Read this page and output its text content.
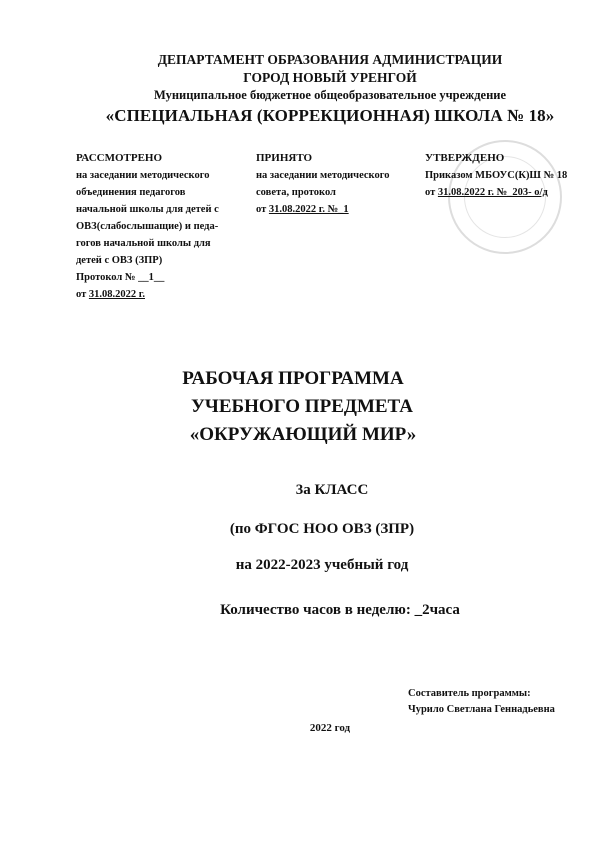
ДЕПАРТАМЕНТ ОБРАЗОВАНИЯ АДМИНИСТРАЦИИ
ГОРОД НОВЫЙ УРЕНГОЙ
Муниципальное бюджетное общеобразовательное учреждение
«СПЕЦИАЛЬНАЯ (КОРРЕКЦИОННАЯ) ШКОЛА № 18»
РАССМОТРЕНО
на заседании методического
объединения педагогов
начальной школы для детей с
ОВЗ(слабослышащие) и педа-
гогов начальной школы для
детей с ОВЗ (ЗПР)
Протокол № __1__
от 31.08.2022 г.
ПРИНЯТО
на заседании методического
совета, протокол
от 31.08.2022 г. №_1
УТВЕРЖДЕНО
Приказом МБОУС(К)Ш № 18
от 31.08.2022 г. №_203- о/д
РАБОЧАЯ ПРОГРАММА
УЧЕБНОГО ПРЕДМЕТА
«ОКРУЖАЮЩИЙ МИР»
3а КЛАСС
(по ФГОС НОО ОВЗ (ЗПР)
на 2022-2023 учебный год
Количество часов в неделю: _2часа
Составитель программы:
Чурило Светлана Геннадьевна
2022 год
